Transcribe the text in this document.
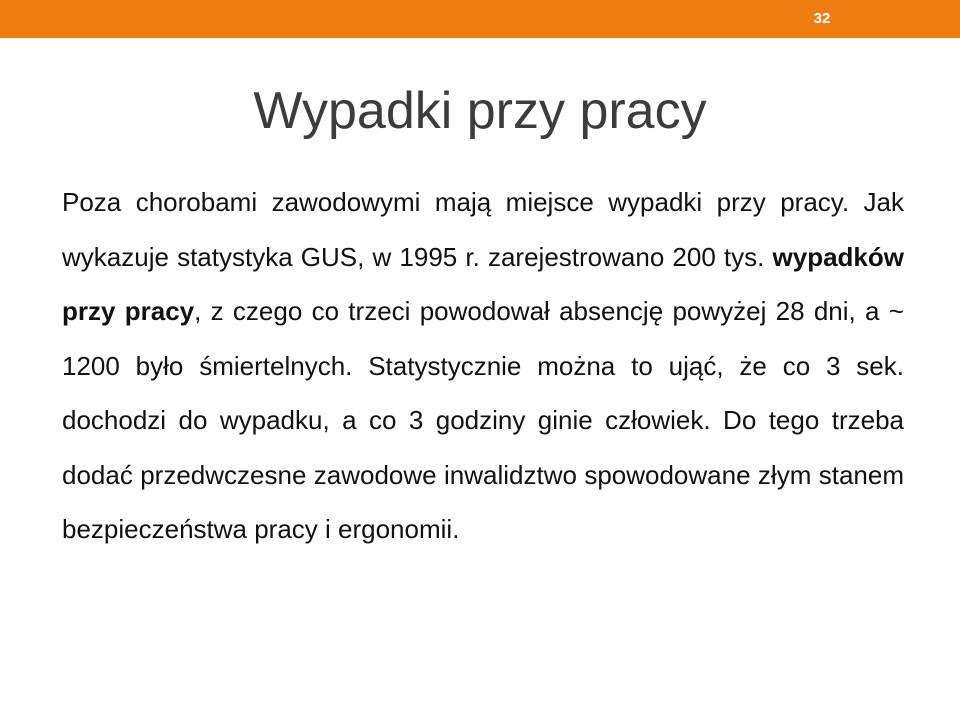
32
Wypadki przy pracy

Poza chorobami zawodowymi mają miejsce wypadki przy pracy. Jak wykazuje statystyka GUS, w 1995 r. zarejestrowano 200 tys. wypadków przy pracy, z czego co trzeci powodował absencję powyżej 28 dni, a ~ 1200 było śmiertelnych. Statystycznie można to ująć, że co 3 sek. dochodzi do wypadku, a co 3 godziny ginie człowiek. Do tego trzeba dodać przedwczesne zawodowe inwalidztwo spowodowane złym stanem bezpieczeństwa pracy i ergonomii.
